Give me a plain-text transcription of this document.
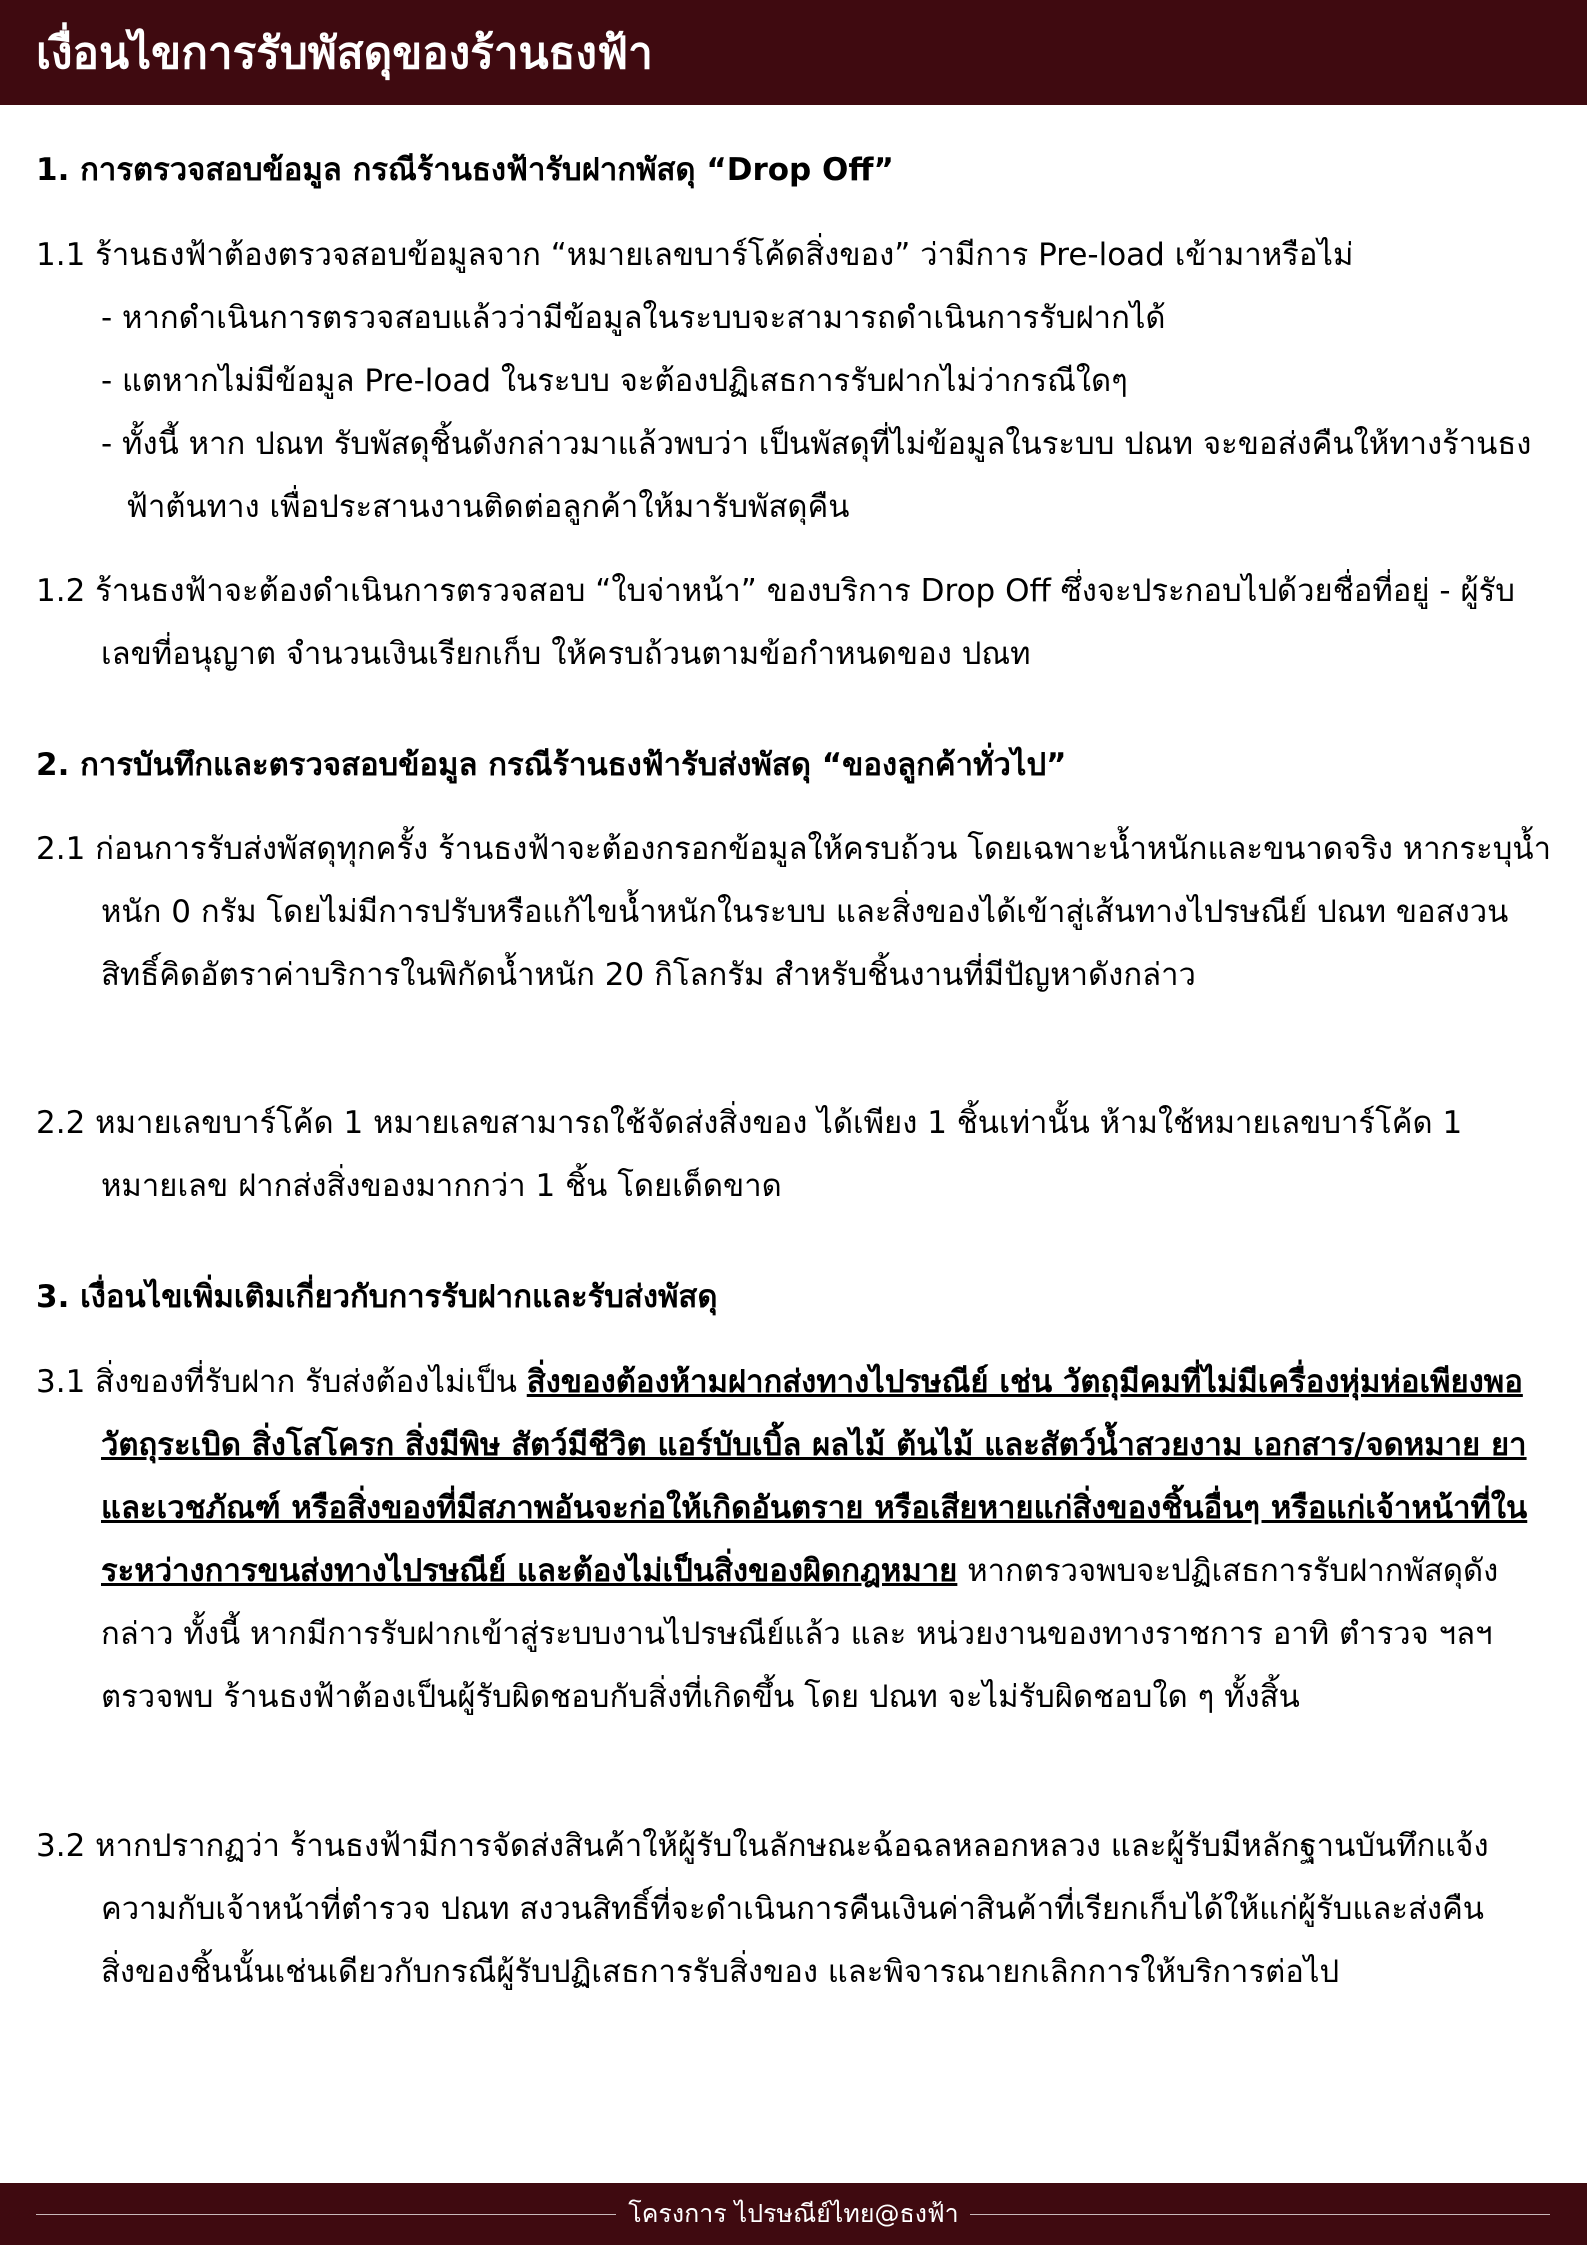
เงื่อนไขการรับพัสดุของร้านธงฟ้า
1. การตรวจสอบข้อมูล กรณีร้านธงฟ้ารับฝากพัสดุ “Drop Off”
1.1 ร้านธงฟ้าต้องตรวจสอบข้อมูลจาก “หมายเลขบาร์โค้ดสิ่งของ” ว่ามีการ Pre-load เข้ามาหรือไม่
- หากดำเนินการตรวจสอบแล้วว่ามีข้อมูลในระบบจะสามารถดำเนินการรับฝากได้
- แตหากไม่มีข้อมูล Pre-load ในระบบ จะต้องปฏิเสธการรับฝากไม่ว่ากรณีใดๆ
- ทั้งนี้ หาก ปณท รับพัสดุชิ้นดังกล่าวมาแล้วพบว่า เป็นพัสดุที่ไม่ข้อมูลในระบบ ปณท จะขอส่งคืนให้ทางร้านธงฟ้าต้นทาง เพื่อประสานงานติดต่อลูกค้าให้มารับพัสดุคืน
1.2 ร้านธงฟ้าจะต้องดำเนินการตรวจสอบ “ใบจ่าหน้า” ของบริการ Drop Off ซึ่งจะประกอบไปด้วยชื่อที่อยู่ - ผู้รับ เลขที่อนุญาต จำนวนเงินเรียกเก็บ ให้ครบถ้วนตามข้อกำหนดของ ปณท
2. การบันทึกและตรวจสอบข้อมูล กรณีร้านธงฟ้ารับส่งพัสดุ “ของลูกค้าทั่วไป”
2.1 ก่อนการรับส่งพัสดุทุกครั้ง ร้านธงฟ้าจะต้องกรอกข้อมูลให้ครบถ้วน โดยเฉพาะน้ำหนักและขนาดจริง หากระบุน้ำหนัก 0 กรัม โดยไม่มีการปรับหรือแก้ไขน้ำหนักในระบบ และสิ่งของได้เข้าสู่เส้นทางไปรษณีย์ ปณท ขอสงวนสิทธิ์คิดอัตราค่าบริการในพิกัดน้ำหนัก 20 กิโลกรัม สำหรับชิ้นงานที่มีปัญหาดังกล่าว
2.2 หมายเลขบาร์โค้ด 1 หมายเลขสามารถใช้จัดส่งสิ่งของ ได้เพียง 1 ชิ้นเท่านั้น ห้ามใช้หมายเลขบาร์โค้ด 1 หมายเลข ฝากส่งสิ่งของมากกว่า 1 ชิ้น โดยเด็ดขาด
3. เงื่อนไขเพิ่มเติมเกี่ยวกับการรับฝากและรับส่งพัสดุ
3.1 สิ่งของที่รับฝาก รับส่งต้องไม่เป็น สิ่งของต้องห้ามฝากส่งทางไปรษณีย์ เช่น วัตถุมีคมที่ไม่มีเครื่องหุ่มห่อเพียงพอ วัตถุระเบิด สิ่งโสโครก สิ่งมีพิษ สัตว์มีชีวิต แอร์บับเบิ้ล ผลไม้ ต้นไม้ และสัตว์น้ำสวยงาม เอกสาร/จดหมาย ยาและเวชภัณฑ์ หรือสิ่งของที่มีสภาพอันจะก่อให้เกิดอันตราย หรือเสียหายแก่สิ่งของชิ้นอื่นๆ หรือแก่เจ้าหน้าที่ในระหว่างการขนส่งทางไปรษณีย์ และต้องไม่เป็นสิ่งของผิดกฎหมาย หากตรวจพบจะปฏิเสธการรับฝากพัสดุดังกล่าว ทั้งนี้ หากมีการรับฝากเข้าสู่ระบบงานไปรษณีย์แล้ว และ หน่วยงานของทางราชการ อาทิ ตำรวจ ฯลฯ ตรวจพบ ร้านธงฟ้าต้องเป็นผู้รับผิดชอบกับสิ่งที่เกิดขึ้น โดย ปณท จะไม่รับผิดชอบใด ๆ ทั้งสิ้น
3.2 หากปรากฏว่า ร้านธงฟ้ามีการจัดส่งสินค้าให้ผู้รับในลักษณะฉ้อฉลหลอกหลวง และผู้รับมีหลักฐานบันทึกแจ้งความกับเจ้าหน้าที่ตำรวจ ปณท สงวนสิทธิ์ที่จะดำเนินการคืนเงินค่าสินค้าที่เรียกเก็บได้ให้แก่ผู้รับและส่งคืนสิ่งของชิ้นนั้นเช่นเดียวกับกรณีผู้รับปฏิเสธการรับสิ่งของ และพิจารณายกเลิกการให้บริการต่อไป
โครงการ ไปรษณีย์ไทย@ธงฟ้า
